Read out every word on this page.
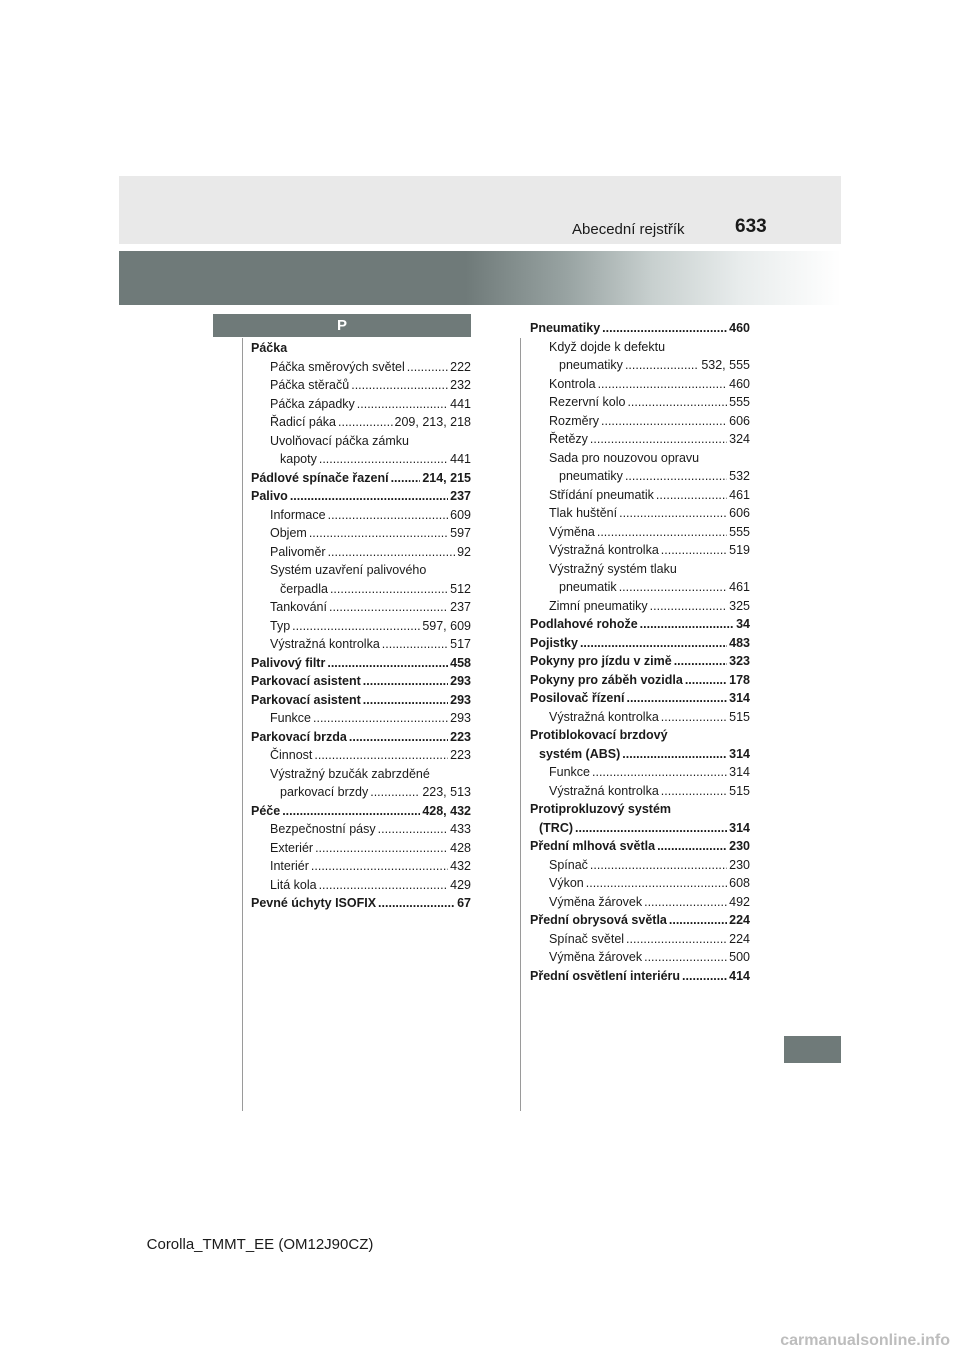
Abecední rejstřík	633
P
Páčka
Páčka směrových světel .....	222
Páčka stěračů .....	232
Páčka západky .....	441
Řadicí páka .....	209, 213, 218
Uvolňovací páčka zámku
kapoty .....	441
Pádlové spínače řazení .....	214, 215
Palivo .....	237
Informace .....	609
Objem .....	597
Palivoměr .....	92
Systém uzavření palivového
čerpadla .....	512
Tankování .....	237
Typ .....	597, 609
Výstražná kontrolka .....	517
Palivový filtr .....	458
Parkovací asistent .....	293
Parkovací asistent .....	293
Funkce .....	293
Parkovací brzda .....	223
Činnost .....	223
Výstražný bzučák zabrzděné
parkovací brzdy .....	223, 513
Péče .....	428, 432
Bezpečnostní pásy .....	433
Exteriér .....	428
Interiér .....	432
Litá kola .....	429
Pevné úchyty ISOFIX .....	67
Pneumatiky .....	460
Když dojde k defektu
pneumatiky .....	532, 555
Kontrola .....	460
Rezervní kolo .....	555
Rozměry .....	606
Řetězy .....	324
Sada pro nouzovou opravu
pneumatiky .....	532
Střídání pneumatik .....	461
Tlak huštění .....	606
Výměna .....	555
Výstražná kontrolka .....	519
Výstražný systém tlaku
pneumatik .....	461
Zimní pneumatiky .....	325
Podlahové rohože .....	34
Pojistky .....	483
Pokyny pro jízdu v zimě .....	323
Pokyny pro záběh vozidla .....	178
Posilovač řízení .....	314
Výstražná kontrolka .....	515
Protiblokovací brzdový
systém (ABS) .....	314
Funkce .....	314
Výstražná kontrolka .....	515
Protiprokluzový systém
(TRC) .....	314
Přední mlhová světla .....	230
Spínač .....	230
Výkon .....	608
Výměna žárovek .....	492
Přední obrysová světla .....	224
Spínač světel .....	224
Výměna žárovek .....	500
Přední osvětlení interiéru .....	414
Corolla_TMMT_EE (OM12J90CZ)
carmanualsonline.info
